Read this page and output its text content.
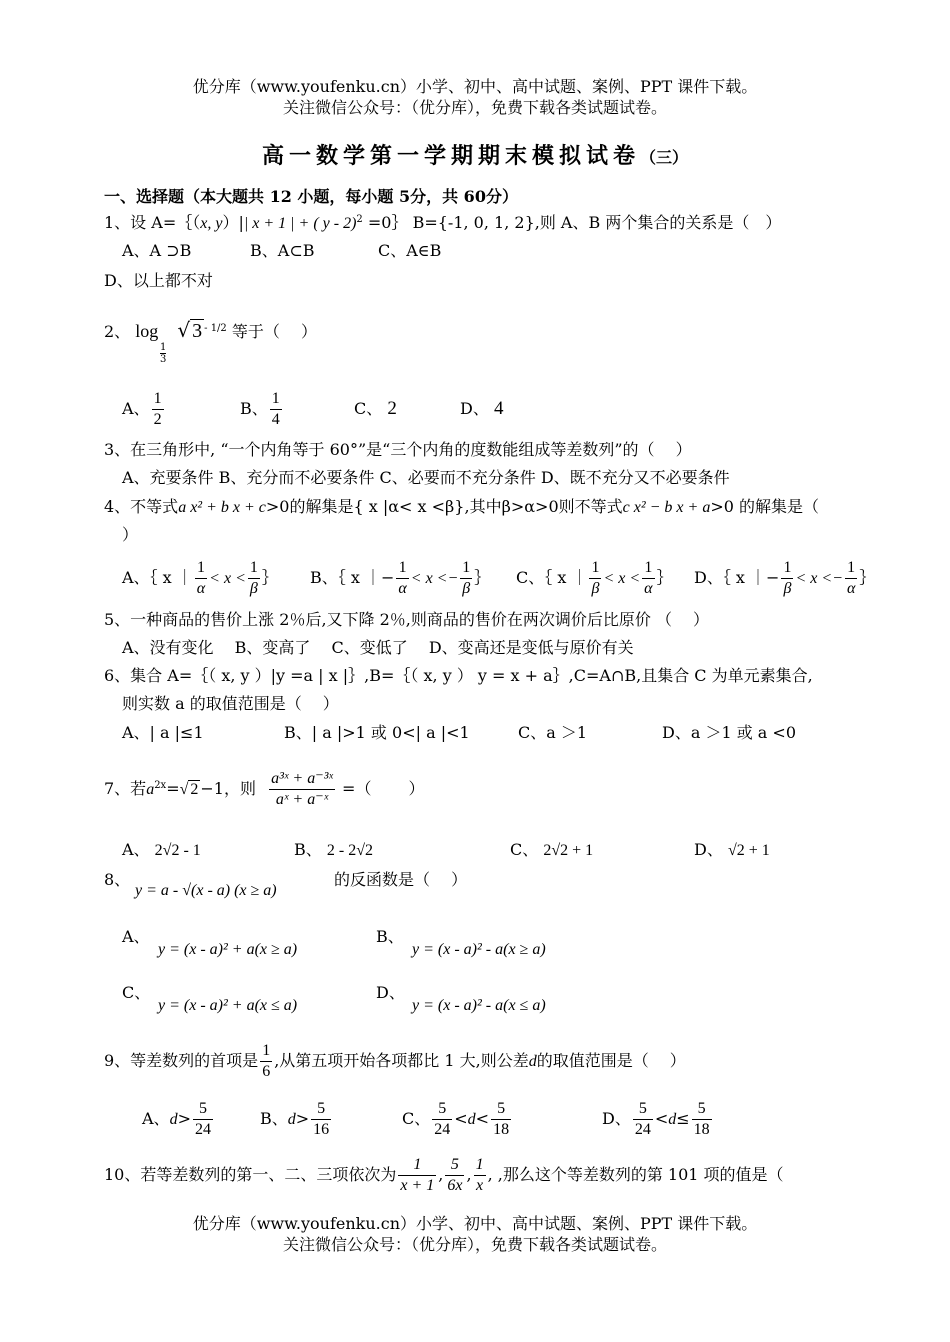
优分库（www.youfenku.cn）小学、初中、高中试题、案例、PPT 课件下载。
关注微信公众号：（优分库），免费下载各类试题试卷。
高一数学第一学期期末模拟试卷（三）
一、选择题（本大题共 12 小题，每小题 5分，共 60分）
1、设 A=｛（x, y）|| x + 1 | + ( y - 2)$^2$ =0｝ B={-1, 0, 1, 2},则 A、B 两个集合的关系是（　）
A、A ⊃B	B、A⊂B	C、A∈B
D、以上都不对
2、 log
1
3
√ 3 $^{- 1/2}$ 等于（　 ）
A、 $\frac{1}{2}$	B、 $\frac{1}{4}$	C、 2	D、 4
3、在三角形中, “一个内角等于 60°”是“三个内角的度数能组成等差数列”的（　 ）
A、充要条件 B、充分而不必要条件 C、必要而不充分条件 D、既不充分又不必要条件
4、不等式a x² + b x + c>0的解集是{ x |α< x <β},其中β>α>0则不等式c x² − b x + a>0 的解集是（
）
A、｛ x ｜ $\frac{1}{\alpha} < x < \frac{1}{\beta}$ ｝ B、｛ x ｜− $\frac{1}{\alpha} < x <- \frac{1}{\beta}$ ｝ C、｛ x ｜ $\frac{1}{\beta} < x < \frac{1}{\alpha}$ ｝ D、｛ x ｜− $\frac{1}{\beta} < x <- \frac{1}{\alpha}$ ｝
5、一种商品的售价上涨 2％后,又下降 2％,则商品的售价在两次调价后比原价 （　 ）
A、没有变化　 B、变高了　 C、变低了　 D、变高还是变低与原价有关
6、集合 A=｛（ x, y ）|y =a | x |｝,B=｛（ x, y ） y = x + a｝,C=A∩B,且集合 C 为单元素集合,
则实数 a 的取值范围是（　 ）
A、| a |≤1	B、| a |>1 或 0<| a |<1	C、a ＞1	D、a ＞1 或 a <0
7、若$a^{2x}=√$ 2 −1，则 $\frac{\text{a³ˣ + a⁻³ˣ}}{\text{aˣ + a⁻ˣ}}$ =（　　 ）
A、 2√2 - 1	B、 2 - 2√2	C、 2√2 + 1	D、 √2 + 1
8、
y = a - √(x - a) (x ≥ a)
的反函数是（　 ）
A、
y = (x - a)² + a(x ≥ a)
B、
y = (x - a)² - a(x ≥ a)
C、
y = (x - a)² + a(x ≤ a)
D、
y = (x - a)² - a(x ≤ a)
9、等差数列的首项是 $\frac{1}{6}$ ,从第五项开始各项都比 1 大,则公差d的取值范围是（　 ）
A、$d> \frac{5}{24}$	B、$d> \frac{5}{16}$	C、 $\frac{5}{24} <d< \frac{5}{18}$	D、 $\frac{5}{24} <d\le \frac{5}{18}$
10、若等差数列的第一、二、三项依次为 $\frac{1}{x + 1}$ , $\frac{5}{6x}$ , $\frac{1}{x}$ , ,那么这个等差数列的第 101 项的值是（
优分库（www.youfenku.cn）小学、初中、高中试题、案例、PPT 课件下载。
关注微信公众号：（优分库），免费下载各类试题试卷。
